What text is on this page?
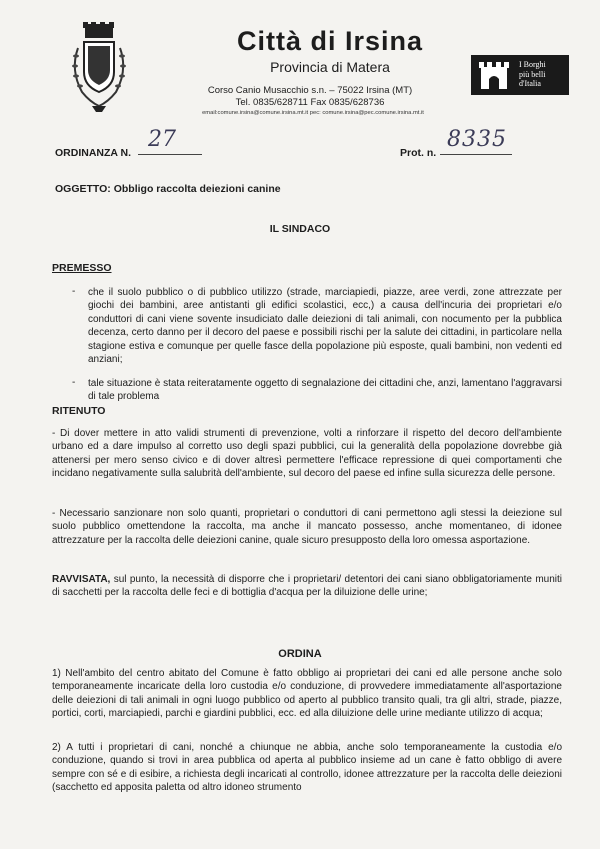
Città di Irsina
Provincia di Matera
Corso Canio Musacchio s.n. – 75022 Irsina (MT)
Tel. 0835/628711 Fax 0835/628736
email:comune.irsina@comune.irsina.mt.it pec: comune.irsina@pec.comune.irsina.mt.it
I Borghi
più belli
d'Italia
ORDINANZA N.
27
Prot. n.
8335
OGGETTO: Obbligo raccolta deiezioni canine
IL SINDACO
PREMESSO
- che il suolo pubblico o di pubblico utilizzo (strade, marciapiedi, piazze, aree verdi, zone attrezzate per giochi dei bambini, aree antistanti gli edifici scolastici, ecc,) a causa dell'incuria dei proprietari e/o conduttori di cani viene sovente insudiciato dalle deiezioni di tali animali, con nocumento per la pubblica decenza, certo danno per il decoro del paese e possibili rischi per la salute dei cittadini, in particolare nella stagione estiva e comunque per quelle fasce della popolazione più esposte, quali bambini, non vedenti ed anziani;
- tale situazione è stata reiteratamente oggetto di segnalazione dei cittadini che, anzi, lamentano l'aggravarsi di tale problema
RITENUTO
- Di dover mettere in atto validi strumenti di prevenzione, volti a rinforzare il rispetto del decoro dell'ambiente urbano ed a dare impulso al corretto uso degli spazi pubblici, cui la generalità della popolazione dovrebbe già attenersi per mero senso civico e di dover altresì permettere l'efficace repressione di quei comportamenti che incidano negativamente sulla salubrità dell'ambiente, sul decoro del paese ed infine sulla sicurezza delle persone.
- Necessario sanzionare non solo quanti, proprietari o conduttori di cani permettono agli stessi la deiezione sul suolo pubblico omettendone la raccolta, ma anche il mancato possesso, anche momentaneo, di idonee attrezzature per la raccolta delle deiezioni canine, quale sicuro presupposto della loro omessa asportazione.
RAVVISATA, sul punto, la necessità di disporre che i proprietari/ detentori dei cani siano obbligatoriamente muniti di sacchetti per la raccolta delle feci e di bottiglia d'acqua per la diluizione delle urine;
ORDINA
1) Nell'ambito del centro abitato del Comune è fatto obbligo ai proprietari dei cani ed alle persone anche solo temporaneamente incaricate della loro custodia e/o conduzione, di provvedere immediatamente all'asportazione delle deiezioni di tali animali in ogni luogo pubblico od aperto al pubblico transito quali, tra gli altri, strade, piazze, portici, corti, marciapiedi, parchi e giardini pubblici, ecc. ed alla diluizione delle urine mediante utilizzo di acqua;
2) A tutti i proprietari di cani, nonché a chiunque ne abbia, anche solo temporaneamente la custodia e/o conduzione, quando si trovi in area pubblica od aperta al pubblico insieme ad un cane è fatto obbligo di avere sempre con sé e di esibire, a richiesta degli incaricati al controllo, idonee attrezzature per la raccolta delle deiezioni (sacchetto ed apposita paletta od altro idoneo strumento
